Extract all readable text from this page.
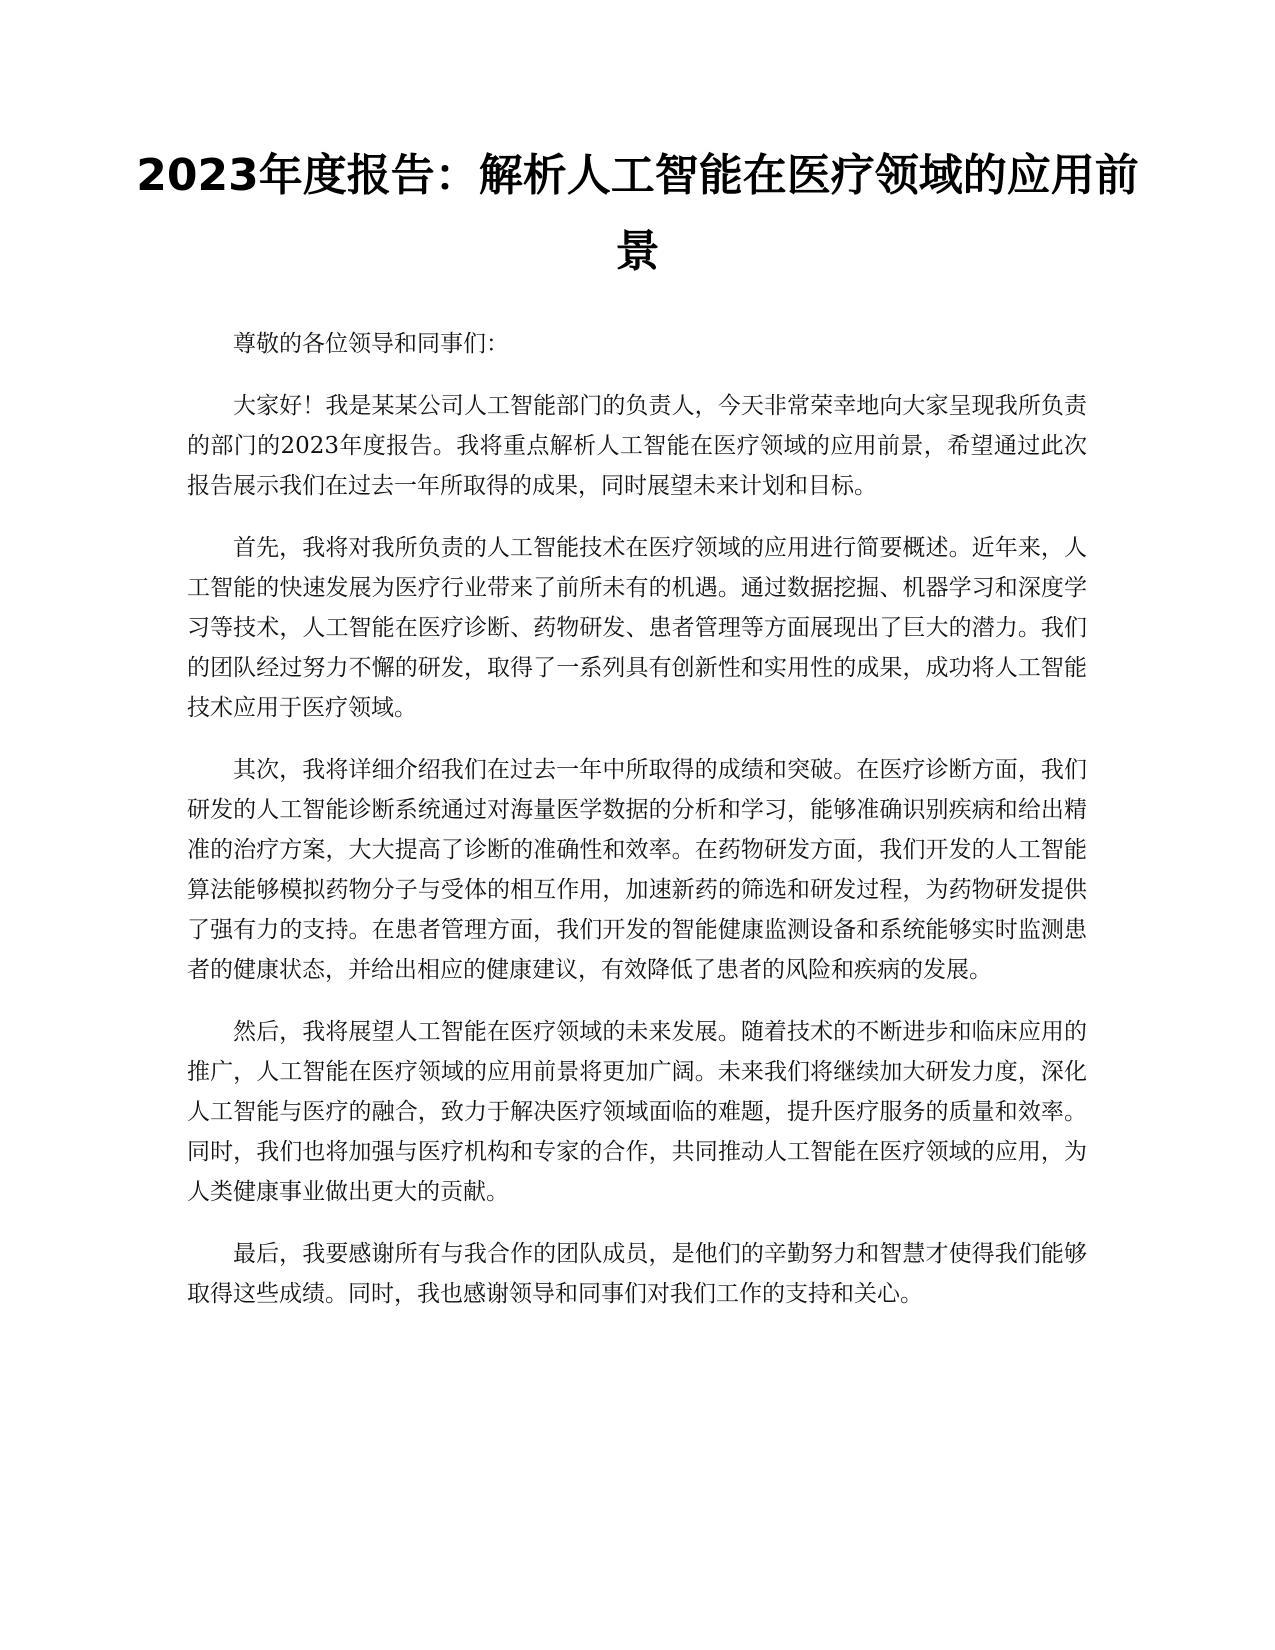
2023年度报告：解析人工智能在医疗领域的应用前景

尊敬的各位领导和同事们：

大家好！我是某某公司人工智能部门的负责人，今天非常荣幸地向大家呈现我所负责的部门的2023年度报告。我将重点解析人工智能在医疗领域的应用前景，希望通过此次报告展示我们在过去一年所取得的成果，同时展望未来计划和目标。

首先，我将对我所负责的人工智能技术在医疗领域的应用进行简要概述。近年来，人工智能的快速发展为医疗行业带来了前所未有的机遇。通过数据挖掘、机器学习和深度学习等技术，人工智能在医疗诊断、药物研发、患者管理等方面展现出了巨大的潜力。我们的团队经过努力不懈的研发，取得了一系列具有创新性和实用性的成果，成功将人工智能技术应用于医疗领域。

其次，我将详细介绍我们在过去一年中所取得的成绩和突破。在医疗诊断方面，我们研发的人工智能诊断系统通过对海量医学数据的分析和学习，能够准确识别疾病和给出精准的治疗方案，大大提高了诊断的准确性和效率。在药物研发方面，我们开发的人工智能算法能够模拟药物分子与受体的相互作用，加速新药的筛选和研发过程，为药物研发提供了强有力的支持。在患者管理方面，我们开发的智能健康监测设备和系统能够实时监测患者的健康状态，并给出相应的健康建议，有效降低了患者的风险和疾病的发展。

然后，我将展望人工智能在医疗领域的未来发展。随着技术的不断进步和临床应用的推广，人工智能在医疗领域的应用前景将更加广阔。未来我们将继续加大研发力度，深化人工智能与医疗的融合，致力于解决医疗领域面临的难题，提升医疗服务的质量和效率。同时，我们也将加强与医疗机构和专家的合作，共同推动人工智能在医疗领域的应用，为人类健康事业做出更大的贡献。

最后，我要感谢所有与我合作的团队成员，是他们的辛勤努力和智慧才使得我们能够取得这些成绩。同时，我也感谢领导和同事们对我们工作的支持和关心。
